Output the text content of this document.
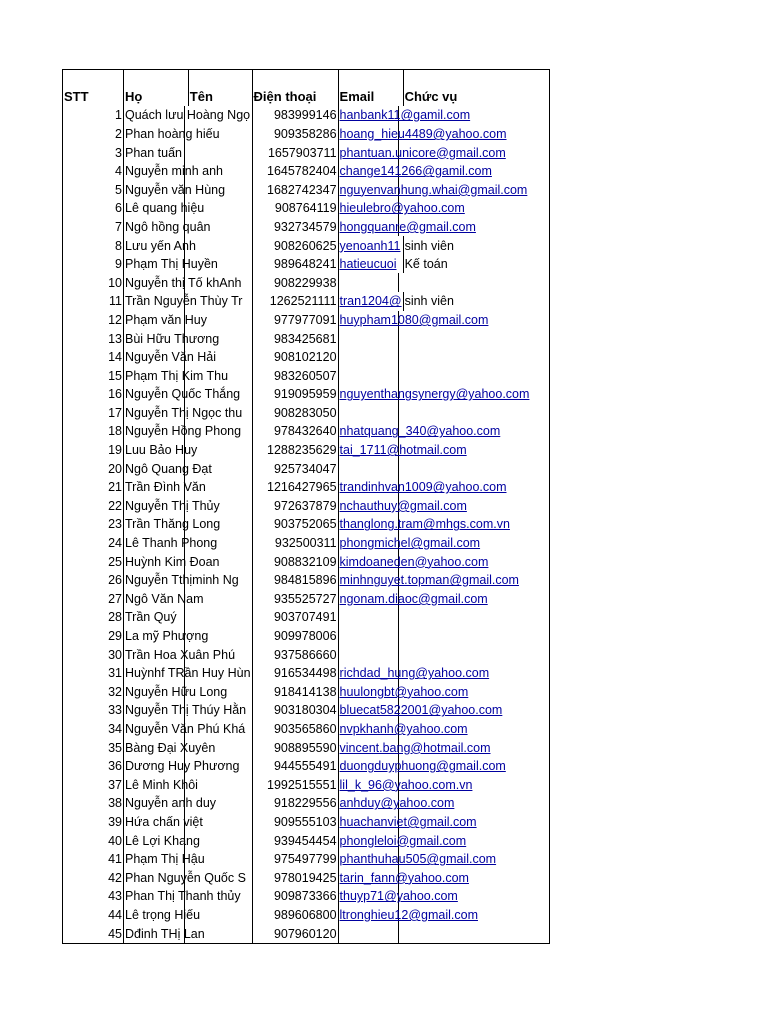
STT	Họ	Tên	Điện thoại	Email	Chức vụ
1	Quách lưu Hoàng Ngọ		983999146	hanbank11@gamil.com	
2	Phan hoàng hiếu		909358286	hoang_hieu4489@yahoo.com	
3	Phan tuấn		1657903711	phantuan.unicore@gmail.com	
4	Nguyễn minh anh		1645782404	change141266@gamil.com	
5	Nguyễn văn Hùng		1682742347	nguyenvanhung.whai@gmail.com	
6	Lê quang hiệu		908764119	hieulebro@yahoo.com	
7	Ngô hồng quân		932734579	hongquanre@gmail.com	
8	Lưu yến Anh		908260625	yenoanh11	sinh viên
9	Phạm Thị Huyền		989648241	hatieucuoi	Kế toán
10	Nguyễn thị Tố khAnh		908229938		

11	Trần Nguyễn Thùy Tr		1262521111	tran1204@	sinh viên
12	Phạm văn Huy		977977091	huypham1080@gmail.com	
13	Bùi Hữu Thương		983425681		

14	Nguyễn Văn Hải		908102120		

15	Phạm Thị Kim Thu		983260507		

16	Nguyễn Quốc Thắng		919095959	nguyenthangsynergy@yahoo.com	
17	Nguyễn Thị Ngọc thu		908283050		

18	Nguyễn Hồng Phong		978432640	nhatquang_340@yahoo.com	
19	Luu Bảo Huy		1288235629	tai_1711@hotmail.com	
20	Ngô Quang Đạt		925734047		

21	Trần Đình Văn		1216427965	trandinhvan1009@yahoo.com	
22	Nguyễn Thị Thủy		972637879	nchauthuy@gmail.com	
23	Trần Thăng Long		903752065	thanglong.tram@mhgs.com.vn	
24	Lê Thanh Phong		932500311	phongmichel@gmail.com	
25	Huỳnh Kim Đoan		908832109	kimdoaneden@yahoo.com	
26	Nguyễn Tthịminh Ng		984815896	minhnguyet.topman@gmail.com	
27	Ngô Văn Nam		935525727	ngonam.diaoc@gmail.com	
28	Trần Quý		903707491		

29	La mỹ Phượng		909978006		

30	Trần Hoa Xuân Phú		937586660		

31	Huỳnhf TRần Huy Hùn		916534498	richdad_hung@yahoo.com	
32	Nguyễn Hữu Long		918414138	huulongbt@yahoo.com	
33	Nguyễn Thị Thúy Hằn		903180304	bluecat5822001@yahoo.com	
34	Nguyễn Văn Phú Khá		903565860	nvpkhanh@yahoo.com	
35	Bàng Đại Xuyên		908895590	vincent.bang@hotmail.com	
36	Dương Huy Phương		944555491	duongduyphuong@gmail.com	
37	Lê Minh Khôi		1992515551	lil_k_96@yahoo.com.vn	
38	Nguyễn anh duy		918229556	anhduy@yahoo.com	
39	Hứa chấn việt		909555103	huachanviet@gmail.com	
40	Lê Lợi Khang		939454454	phongleloi@gmail.com	
41	Phạm Thị Hậu		975497799	phanthuhau505@gmail.com	
42	Phan Nguyễn Quốc S		978019425	tarin_fann@yahoo.com	
43	Phan Thị Thanh thủy		909873366	thuyp71@yahoo.com	
44	Lê trọng Hiếu		989606800	ltronghieu12@gmail.com	
45	Dđinh THị Lan		907960120		
